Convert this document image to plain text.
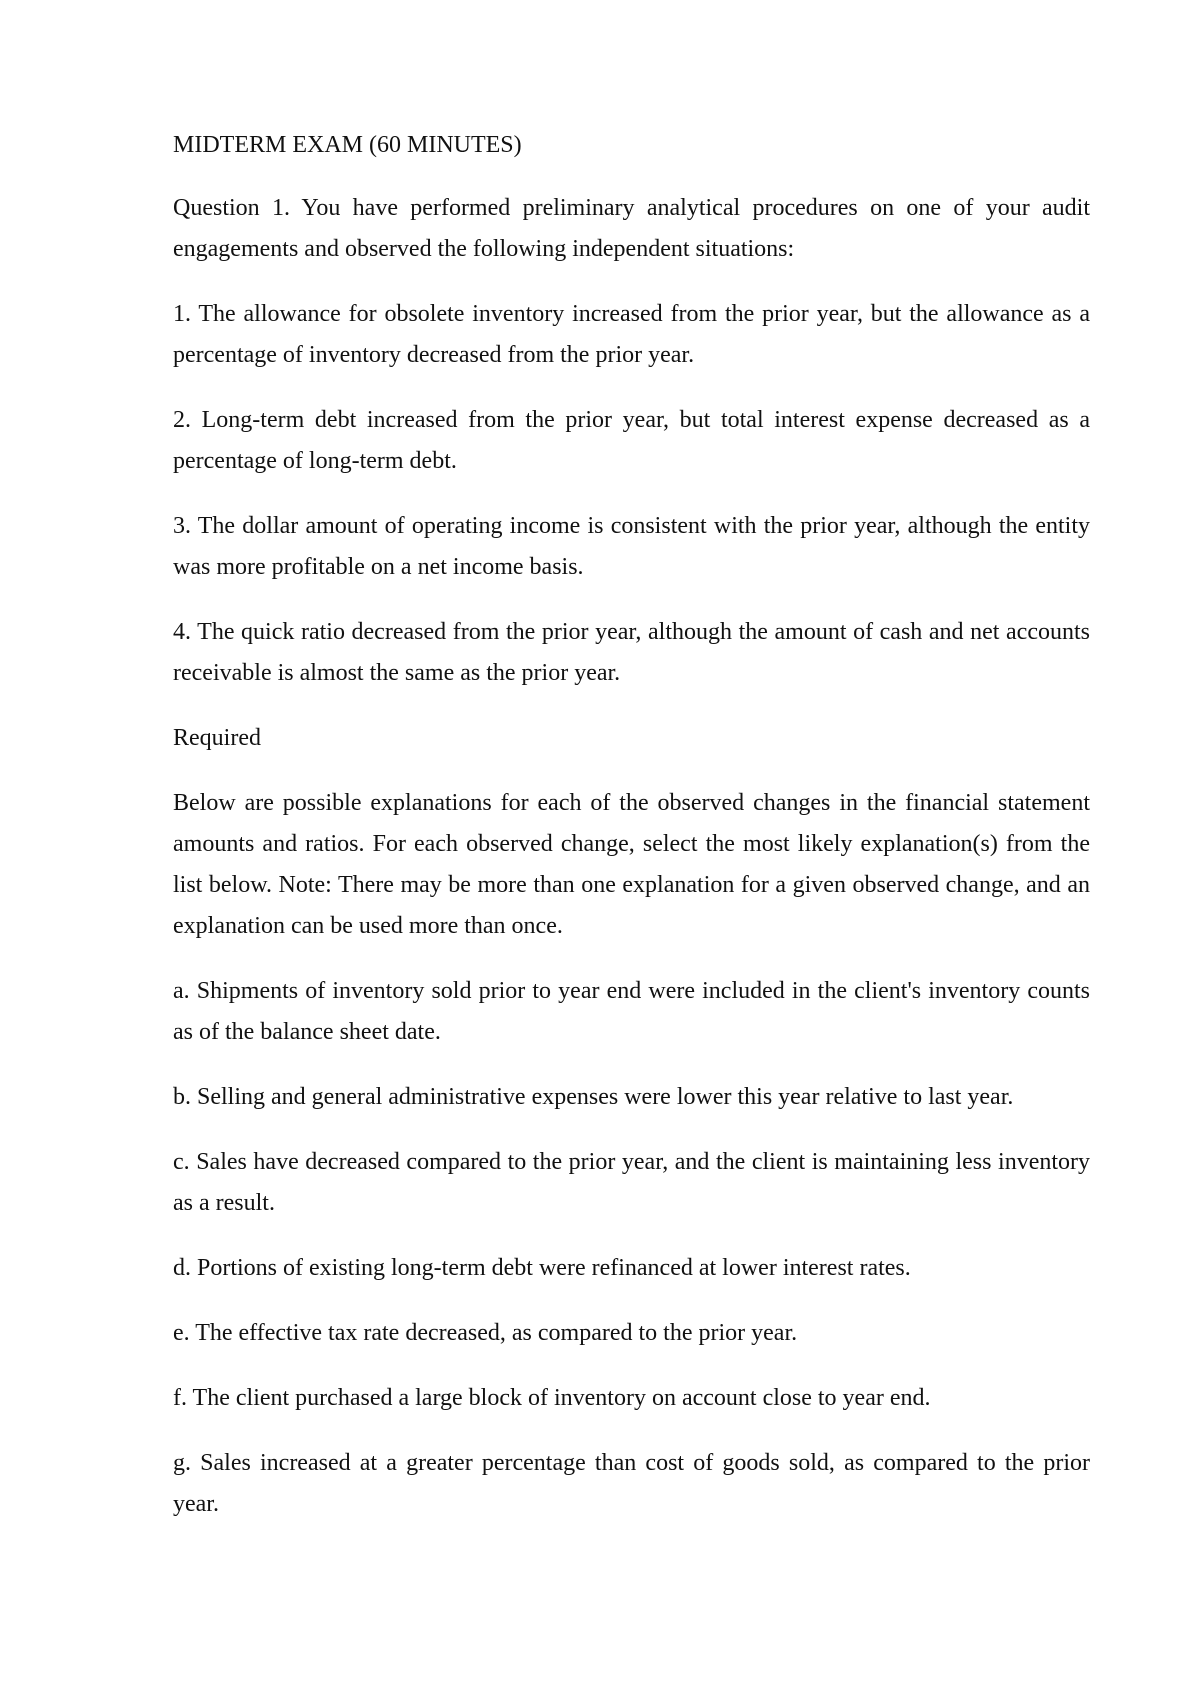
MIDTERM EXAM (60 MINUTES)

Question 1. You have performed preliminary analytical procedures on one of your audit engagements and observed the following independent situations:

1. The allowance for obsolete inventory increased from the prior year, but the allowance as a percentage of inventory decreased from the prior year.

2. Long-term debt increased from the prior year, but total interest expense decreased as a percentage of long-term debt.

3. The dollar amount of operating income is consistent with the prior year, although the entity was more profitable on a net income basis.

4. The quick ratio decreased from the prior year, although the amount of cash and net accounts receivable is almost the same as the prior year.

Required

Below are possible explanations for each of the observed changes in the financial statement amounts and ratios. For each observed change, select the most likely explanation(s) from the list below. Note: There may be more than one explanation for a given observed change, and an explanation can be used more than once.

a. Shipments of inventory sold prior to year end were included in the client's inventory counts as of the balance sheet date.

b. Selling and general administrative expenses were lower this year relative to last year.

c. Sales have decreased compared to the prior year, and the client is maintaining less inventory as a result.

d. Portions of existing long-term debt were refinanced at lower interest rates.

e. The effective tax rate decreased, as compared to the prior year.

f. The client purchased a large block of inventory on account close to year end.

g. Sales increased at a greater percentage than cost of goods sold, as compared to the prior year.
